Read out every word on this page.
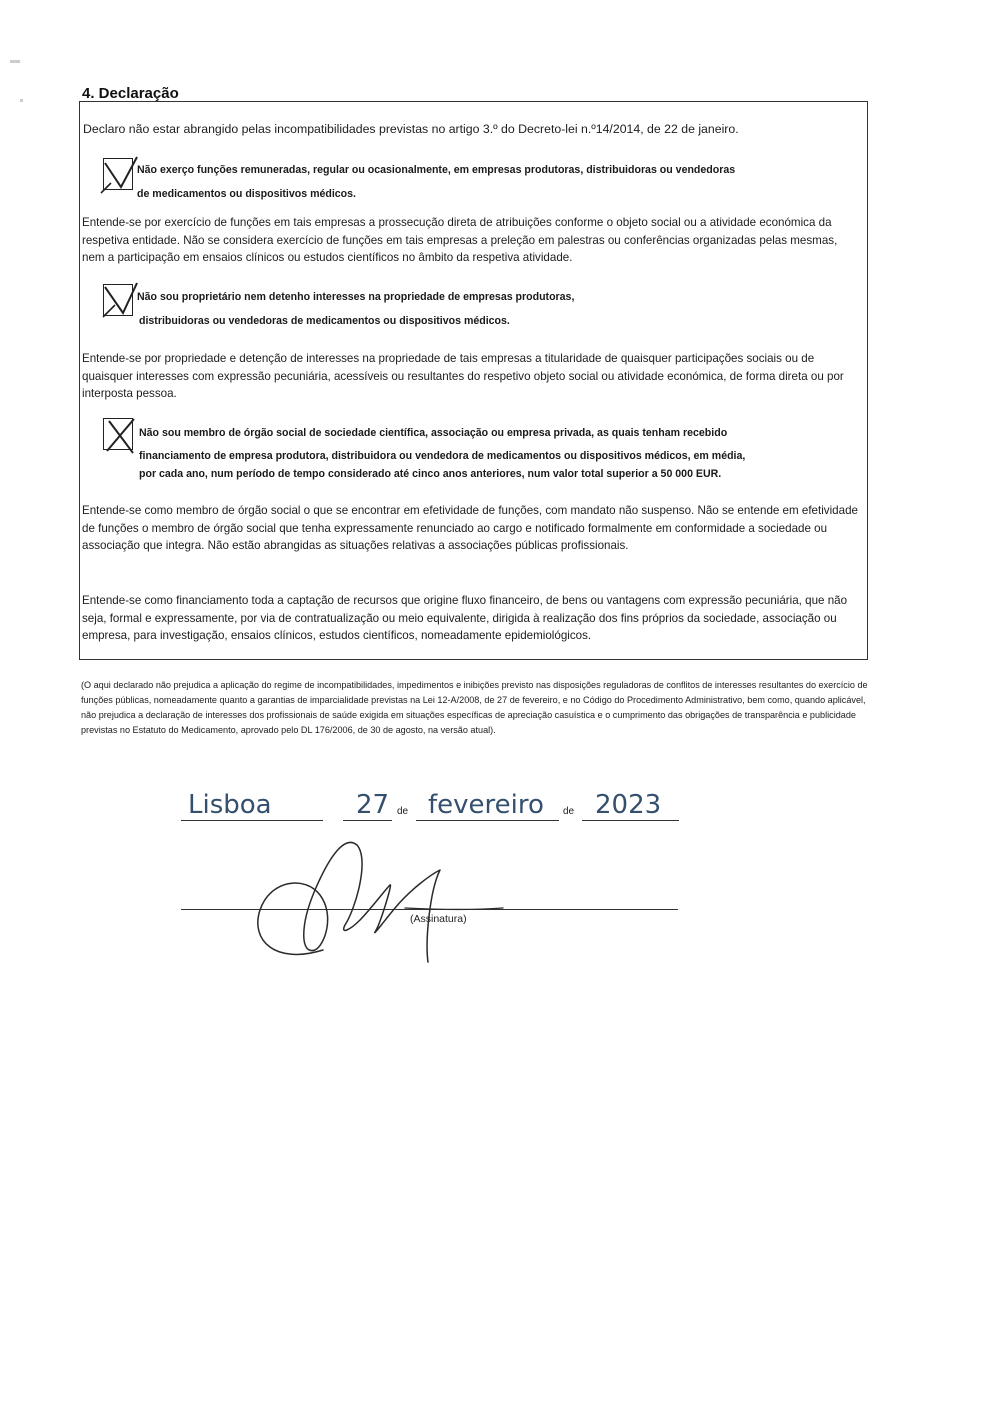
4. Declaração
Declaro não estar abrangido pelas incompatibilidades previstas no artigo 3.º do Decreto-lei n.º14/2014, de 22 de janeiro.
Não exerço funções remuneradas, regular ou ocasionalmente, em empresas produtoras, distribuidoras ou vendedoras
de medicamentos ou dispositivos médicos.
Entende-se por exercício de funções em tais empresas a prossecução direta de atribuições conforme o objeto social ou a atividade económica da respetiva entidade. Não se considera exercício de funções em tais empresas a preleção em palestras ou conferências organizadas pelas mesmas, nem a participação em ensaios clínicos ou estudos científicos no âmbito da respetiva atividade.
Não sou proprietário nem detenho interesses na propriedade de empresas produtoras,
distribuidoras ou vendedoras de medicamentos ou dispositivos médicos.
Entende-se por propriedade e detenção de interesses na propriedade de tais empresas a titularidade de quaisquer participações sociais ou de quaisquer interesses com expressão pecuniária, acessíveis ou resultantes do respetivo objeto social ou atividade económica, de forma direta ou por interposta pessoa.
Não sou membro de órgão social de sociedade científica, associação ou empresa privada, as quais tenham recebido
financiamento de empresa produtora, distribuidora ou vendedora de medicamentos ou dispositivos médicos, em média,
por cada ano, num período de tempo considerado até cinco anos anteriores, num valor total superior a 50 000 EUR.
Entende-se como membro de órgão social o que se encontrar em efetividade de funções, com mandato não suspenso. Não se entende em efetividade de funções o membro de órgão social que tenha expressamente renunciado ao cargo e notificado formalmente em conformidade a sociedade ou associação que integra. Não estão abrangidas as situações relativas a associações públicas profissionais.
Entende-se como financiamento toda a captação de recursos que origine fluxo financeiro, de bens ou vantagens com expressão pecuniária, que não seja, formal e expressamente, por via de contratualização ou meio equivalente, dirigida à realização dos fins próprios da sociedade, associação ou empresa, para investigação, ensaios clínicos, estudos científicos, nomeadamente epidemiológicos.
(O aqui declarado não prejudica a aplicação do regime de incompatibilidades, impedimentos e inibições previsto nas disposições reguladoras de conflitos de interesses resultantes do exercício de funções públicas, nomeadamente quanto a garantias de imparcialidade previstas na Lei 12-A/2008, de 27 de fevereiro, e no Código do Procedimento Administrativo, bem como, quando aplicável, não prejudica a declaração de interesses dos profissionais de saúde exigida em situações específicas de apreciação casuística e o cumprimento das obrigações de transparência e publicidade previstas no Estatuto do Medicamento, aprovado pelo DL 176/2006, de 30 de agosto, na versão atual).
Lisboa	27 de fevereiro de 2023
(Assinatura)
